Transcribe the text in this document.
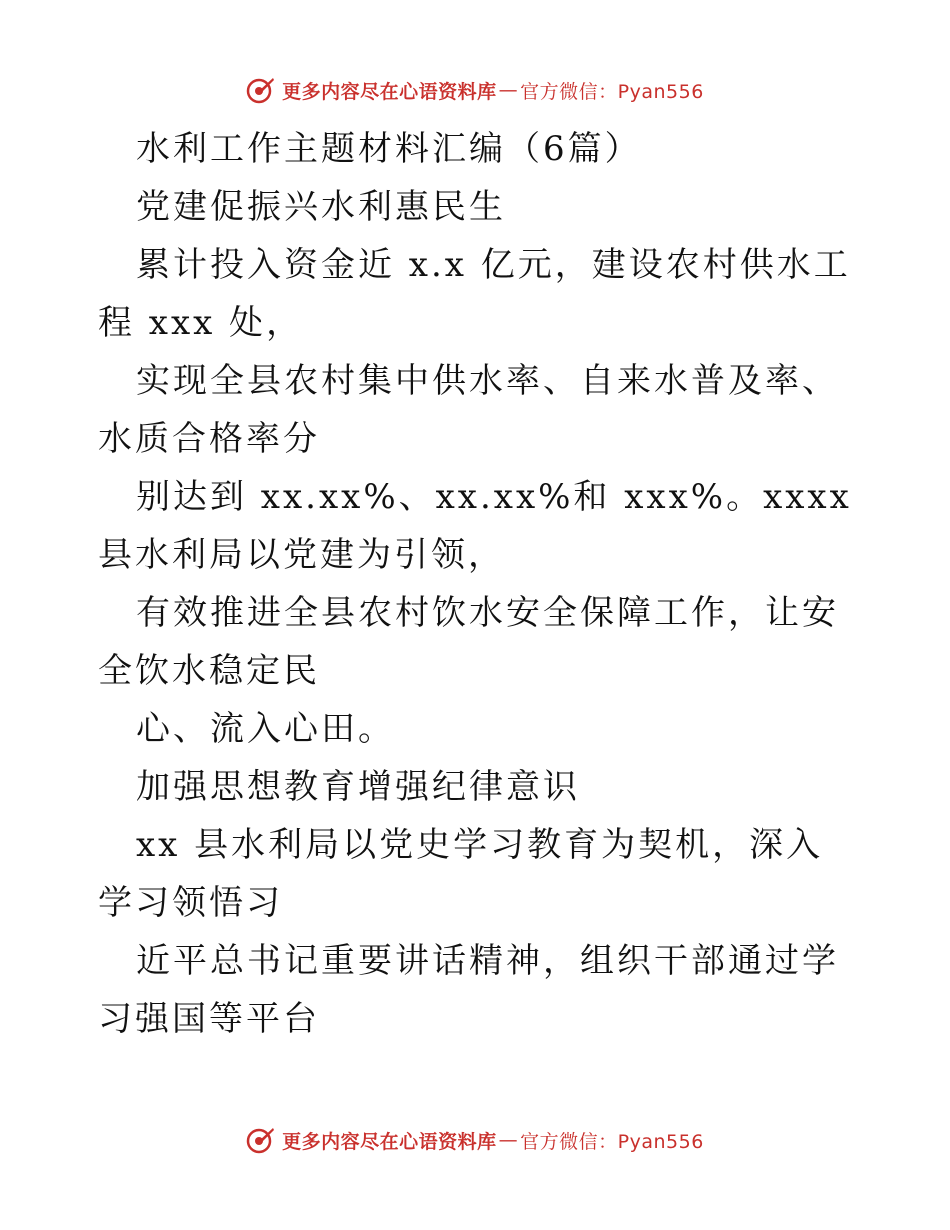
更多内容尽在心语资料库 — 官方微信：Pyan556

水利工作主题材料汇编（6篇）

党建促振兴水利惠民生

累计投入资金近 x.x 亿元，建设农村供水工程 xxx 处，

实现全县农村集中供水率、自来水普及率、水质合格率分

别达到 xx.xx%、xx.xx%和 xxx%。xxxx 县水利局以党建为引领，

有效推进全县农村饮水安全保障工作，让安全饮水稳定民

心、流入心田。

加强思想教育增强纪律意识

xx 县水利局以党史学习教育为契机，深入学习领悟习

近平总书记重要讲话精神，组织干部通过学习强国等平台

更多内容尽在心语资料库 — 官方微信：Pyan556
